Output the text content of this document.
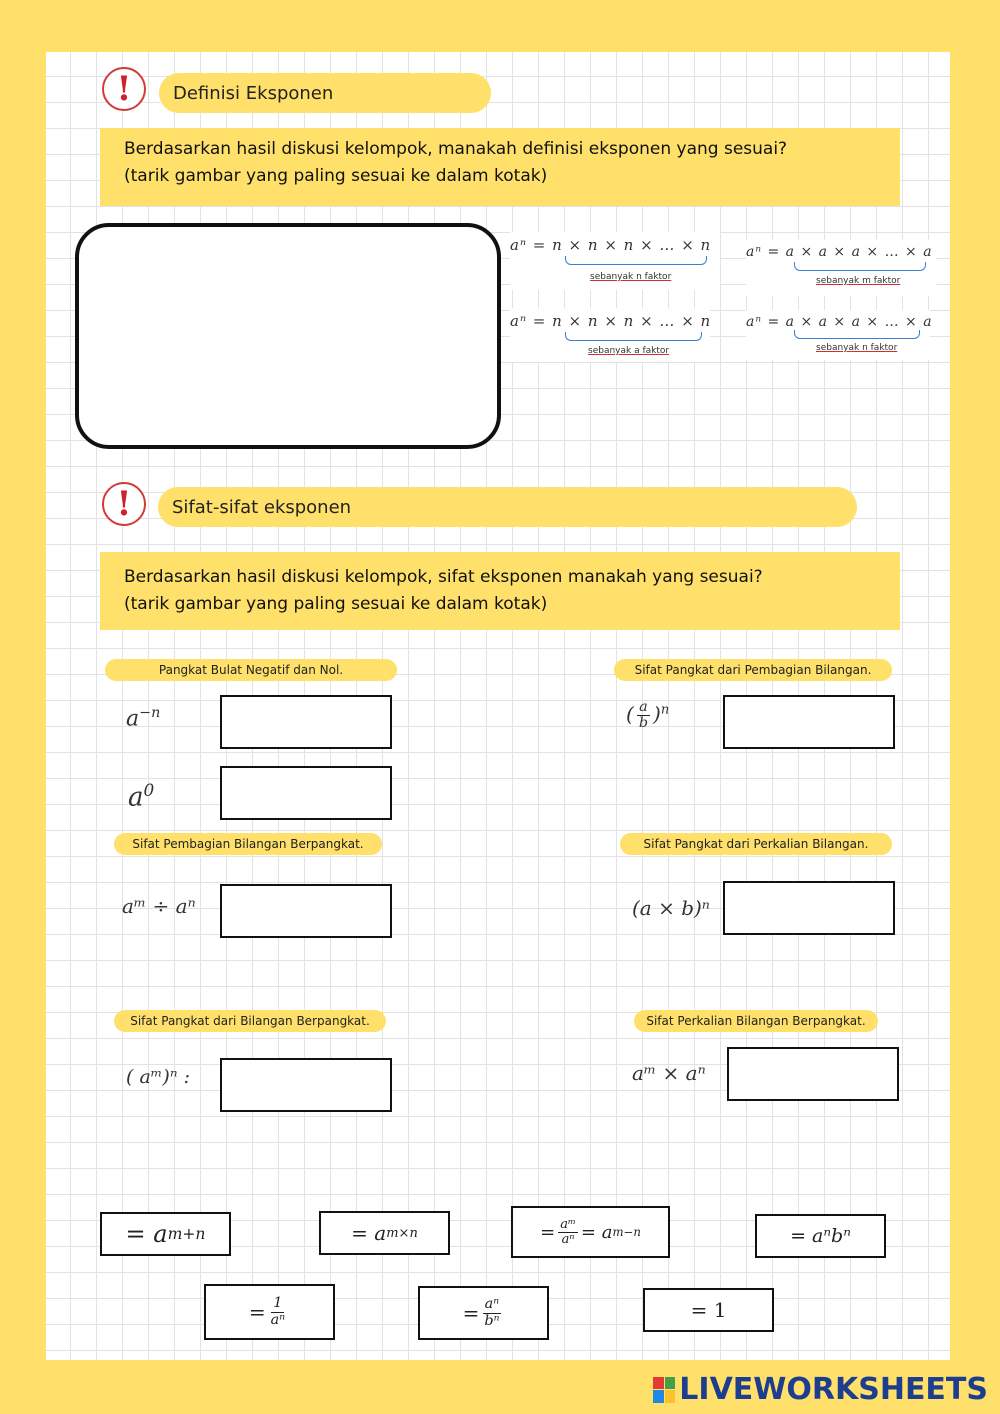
!	Definisi Eksponen
Berdasarkan hasil diskusi kelompok, manakah definisi eksponen yang sesuai?
(tarik gambar yang paling sesuai ke dalam kotak)
aⁿ = n × n × n × … × n
sebanyak n faktor
aⁿ = a × a × a × … × a
sebanyak m faktor
aⁿ = n × n × n × … × n
sebanyak a faktor
aⁿ = a × a × a × … × a
sebanyak n faktor
!	Sifat-sifat eksponen
Berdasarkan hasil diskusi kelompok, sifat eksponen manakah yang sesuai?
(tarik gambar yang paling sesuai ke dalam kotak)
Pangkat Bulat Negatif dan Nol.
$a^{-n}$
$a^0$
Sifat Pangkat dari Pembagian Bilangan.
( $\frac{a}{b} )^n$
Sifat Pembagian Bilangan Berpangkat.
aᵐ ÷ aⁿ
Sifat Pangkat dari Perkalian Bilangan.
(a × b)ⁿ
Sifat Pangkat dari Bilangan Berpangkat.
( aᵐ)ⁿ :
Sifat Perkalian Bilangan Berpangkat.
aᵐ × aⁿ
= a m+n	= a m×n	= $\frac{\text{aᵐ}}{\text{aⁿ}} = a$ m−n	= aⁿbⁿ
= $\frac{1}{\text{aⁿ}}$	= $\frac{\text{aⁿ}}{\text{bⁿ}}$	= 1
LIVEWORKSHEETS
